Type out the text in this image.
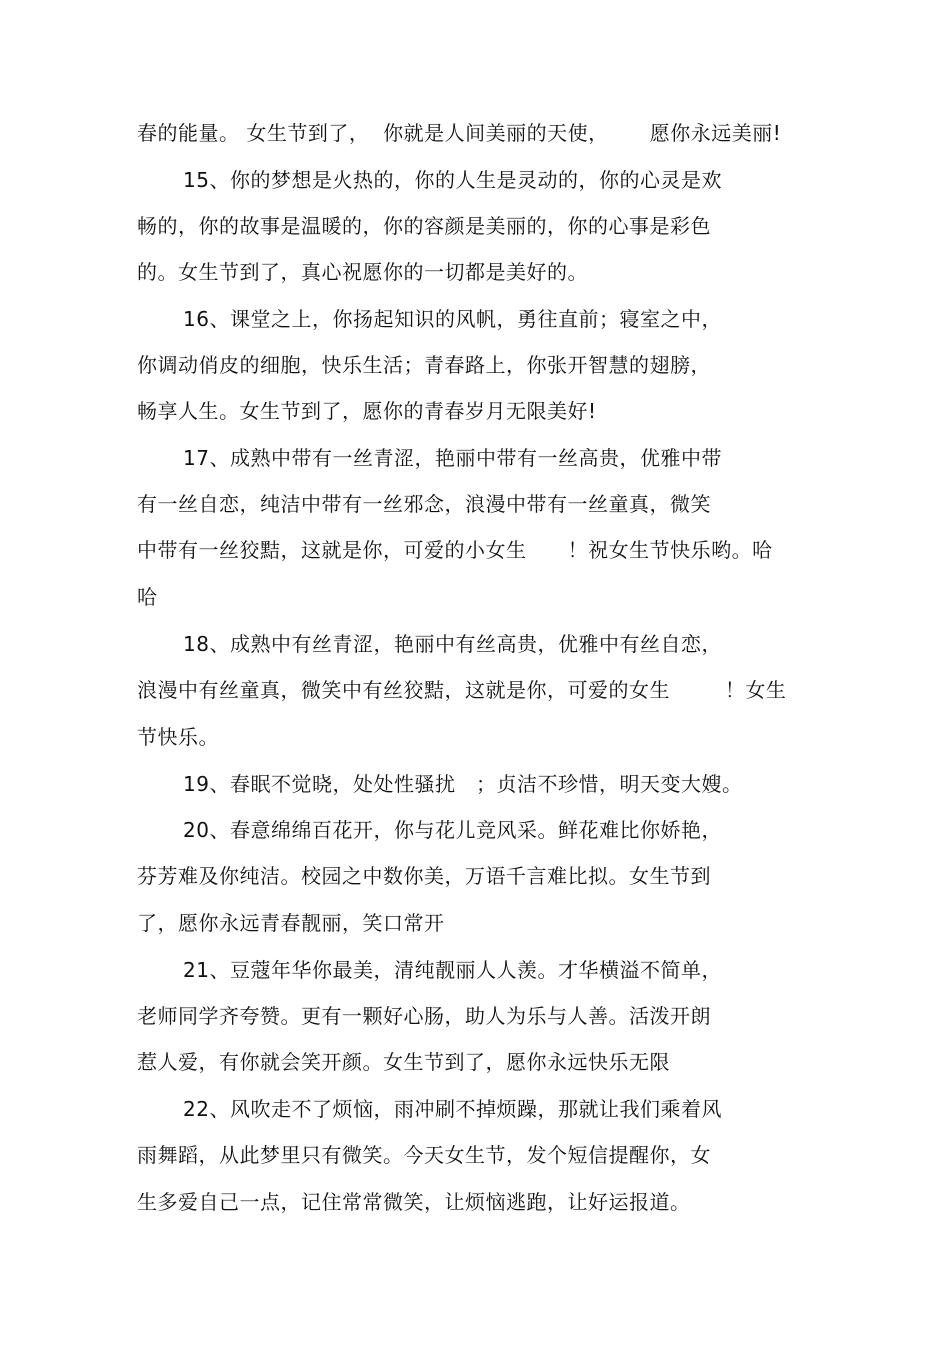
春的能量。 女生节到了，  你就是人间美丽的天使，      愿你永远美丽!
15、你的梦想是火热的，你的人生是灵动的，你的心灵是欢
畅的，你的故事是温暖的，你的容颜是美丽的，你的心事是彩色
的。女生节到了，真心祝愿你的一切都是美好的。
16、课堂之上，你扬起知识的风帆，勇往直前；寝室之中，
你调动俏皮的细胞，快乐生活；青春路上，你张开智慧的翅膀，
畅享人生。女生节到了，愿你的青春岁月无限美好!
17、成熟中带有一丝青涩，艳丽中带有一丝高贵，优雅中带
有一丝自恋，纯洁中带有一丝邪念，浪漫中带有一丝童真，微笑
中带有一丝狡黠，这就是你，可爱的小女生      ！祝女生节快乐哟。哈
哈
18、成熟中有丝青涩，艳丽中有丝高贵，优雅中有丝自恋，
浪漫中有丝童真，微笑中有丝狡黠，这就是你，可爱的女生        ！女生
节快乐。
19、春眠不觉晓，处处性骚扰   ；贞洁不珍惜，明天变大嫂。
20、春意绵绵百花开，你与花儿竞风采。鲜花难比你娇艳，
芬芳难及你纯洁。校园之中数你美，万语千言难比拟。女生节到
了，愿你永远青春靓丽，笑口常开
21、豆蔻年华你最美，清纯靓丽人人羡。才华横溢不简单，
老师同学齐夸赞。更有一颗好心肠，助人为乐与人善。活泼开朗
惹人爱，有你就会笑开颜。女生节到了，愿你永远快乐无限
22、风吹走不了烦恼，雨冲刷不掉烦躁，那就让我们乘着风
雨舞蹈，从此梦里只有微笑。今天女生节，发个短信提醒你，女
生多爱自己一点，记住常常微笑，让烦恼逃跑，让好运报道。
